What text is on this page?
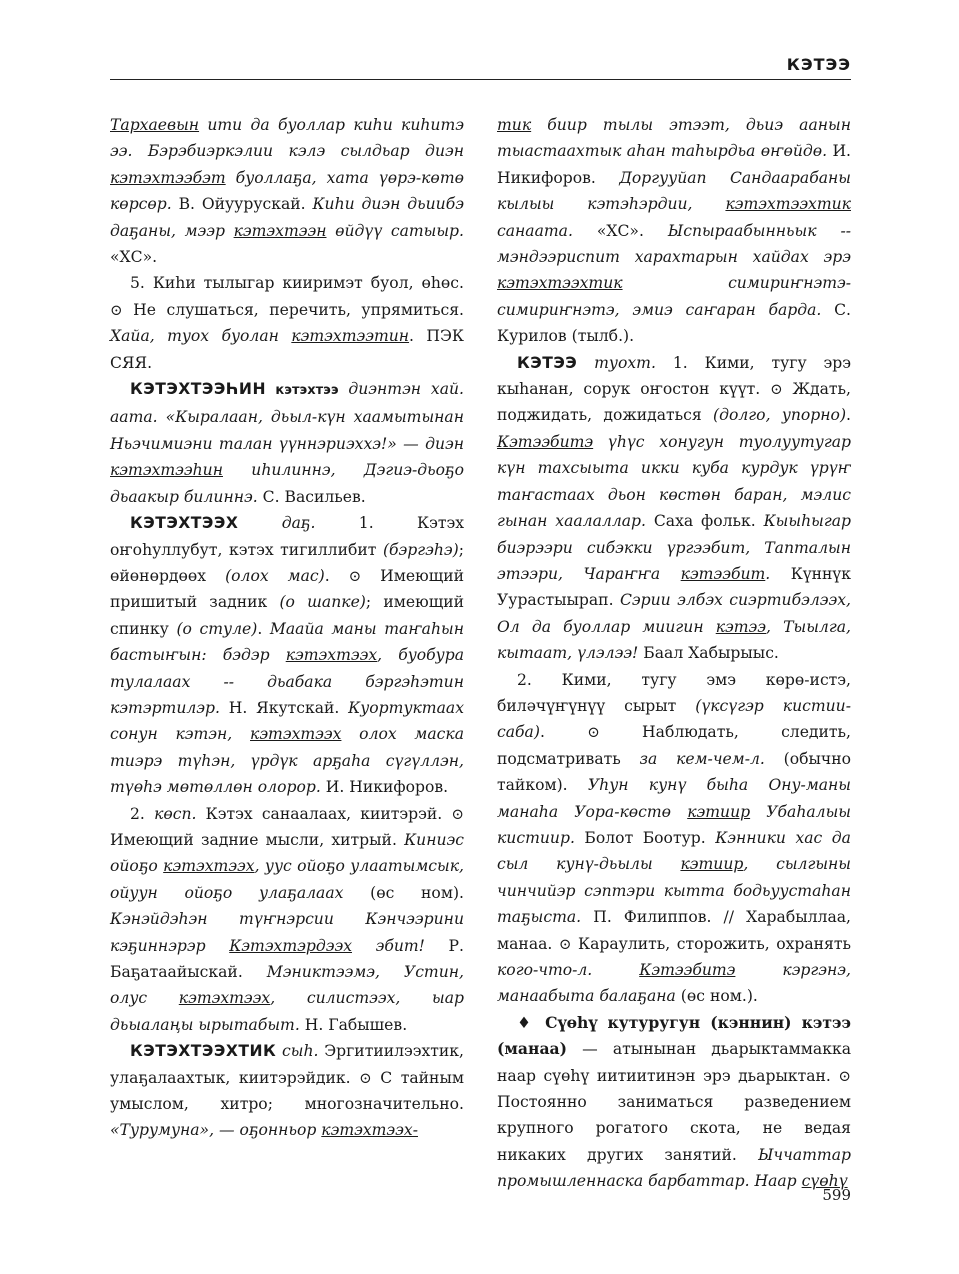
КЭТЭЭ

Тархаевын ити да буоллар киһи киһитэ ээ. Бэрэбиэркэлии кэлэ сылдьар диэн кэтэхтээбэт буоллаҕа, хата үөрэ-көтө көрсөр. В. Ойуурускай. Киһи диэн дьиибэ даҕаны, мээр кэтэхтээн өйдүү сатыыр. «ХС».

5. Киһи тылыгар кииримэт буол, өһөс. ⊙ Не слушаться, перечить, упрямиться. Хайа, туох буолан кэтэхтээтин. ПЭК СЯЯ.

КЭТЭХТЭЭҺИН кэтэхтээ диэнтэн хай. аата. «Кыралаан, дьыл-күн хаамытынан Ньэчимиэни талан үүннэриэххэ!» — диэн кэтэхтээһин иһилиннэ, Дэгиэ-дьоҕо дьаакыр билиннэ. С. Васильев.

КЭТЭХТЭЭХ даҕ. 1. Кэтэх оҥоһуллубут, кэтэх тигиллибит (бэргэһэ); өйөнөрдөөх (олох мас). ⊙ Имеющий пришитый задник (о шапке); имеющий спинку (о стуле). Маайа маны таҥаһын бастыҥын: бэдэр кэтэхтээх, буобура тулалаах -- дьабака бэргэһэтин кэтэртилэр. Н. Якутскай. Куортуктаах сонун кэтэн, кэтэхтээх олох маска тиэрэ түһэн, үрдүк арҕаһа сүгүллэн, түөһэ мөтөллөн олорор. И. Никифоров.

2. көсп. Кэтэх санаалаах, киитэрэй. ⊙ Имеющий задние мысли, хитрый. Киниэс ойоҕо кэтэхтээх, уус ойоҕо улаатымсык, ойуун ойоҕо улаҕалаах (өс ном). Кэнэйдэһэн түҥнэрсии Кэнчээрини кэҕиннэрэр Кэтэхтэрдээх эбит! Р. Баҕатаайыскай. Мэниктээмэ, Устин, олус кэтэхтээх, силистээх, ыар дьыалаңы ырытабыт. Н. Габышев.

КЭТЭХТЭЭХТИК сыһ. Эргитиилээхтик, улаҕалаахтык, киитэрэйдик. ⊙ С тайным умыслом, хитро; многозначительно. «Турумуна», — оҕонньор кэтэхтээх-

тик биир тылы этээт, дьиэ аанын тыастаахтык аһан таһырдьа өҥөйдө. И. Никифоров. Доргууйап Сандаарабаны кылыы кэтэһэрдии, кэтэхтээхтик санаата. «ХС». Ыспыраабынньык -- мэндээриспит харахтарын хайдах эрэ кэтэхтээхтик симириҥнэтэ-симириҥнэтэ, эмиэ саҥаран барда. С. Курилов (тылб.).

КЭТЭЭ туохт. 1. Кими, тугу эрэ кыһанан, сорук оҥостон күүт. ⊙ Ждать, поджидать, дожидаться (долго, упорно). Кэтээбитэ үһүс хонугун туолуутугар күн тахсыыта икки куба курдук үрүҥ таҥастаах дьон көстөн баран, мэлис гынан хаалаллар. Саха фольк. Кыыһыгар биэрээри сибэкки үргээбит, Тапталын этээри, Чараҥҥа кэтээбит. Күннүк Уурастыырап. Сэрии элбэх сиэртибэлээх, Ол да буоллар миигин кэтээ, Тыылга, кытаат, үлэлээ! Баал Хабырыыс.

2. Кими, тугу эмэ көрө-истэ, биләчүҥүнүү сырыт (үксүгэр кистии-саба). ⊙ Наблюдать, следить, подсматривать за кем-чем-л. (обычно тайком). Уһун кунү быһа Ону-маны манаһа Уора-көстө кэтиир Убаһалыы кистиир. Болот Боотур. Кэнники хас да сыл кунү-дьылы кэтиир, сылгыны чинчийэр сэптэри кытта бодьуустаһан таҕыста. П. Филиппов. // Харабыллаа, манаа. ⊙ Караулить, сторожить, охранять кого-что-л.	Кэтээбитэ кэргэнэ, манаабыта балаҕана (өс ном.).

♦ Сүөһү кутуругун (кэннин) кэтээ (манаа) — атынынан дьарыктаммакка наар сүөһү иитиитинэн эрэ дьарыктан. ⊙ Постоянно заниматься разведением крупного рогатого скота, не ведая никаких других занятий. Ыччаттар промышленнаска барбаттар. Наар сүөһү

599
